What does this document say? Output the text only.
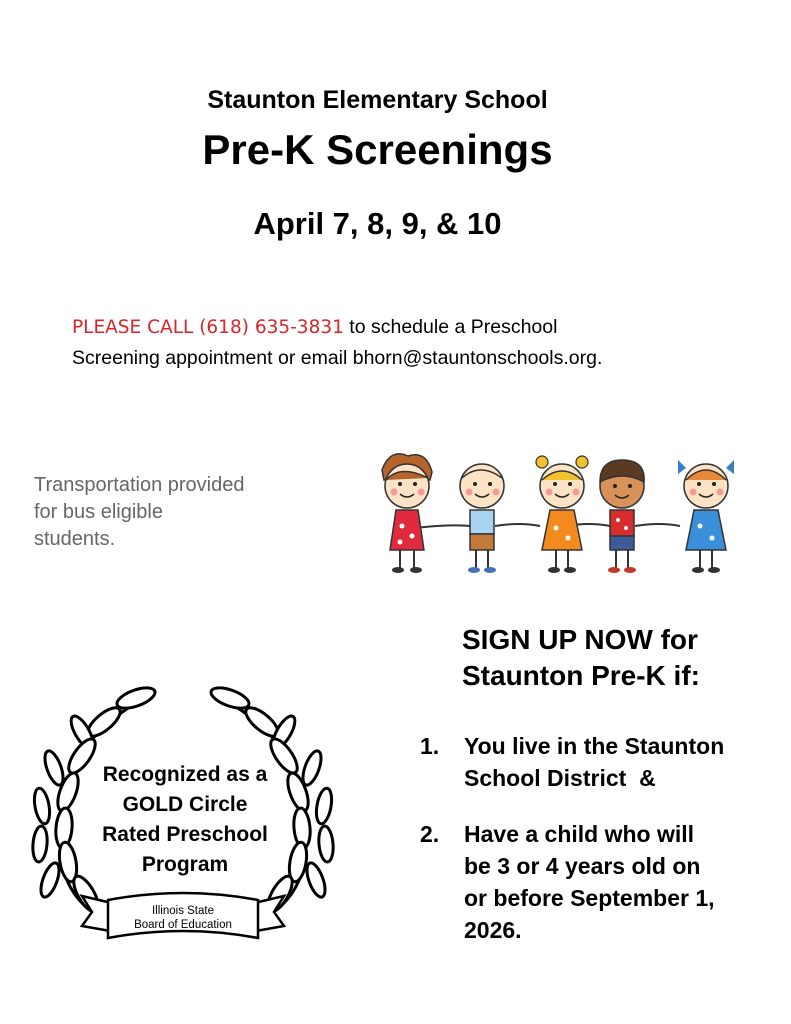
Staunton Elementary School
Pre-K Screenings
April 7, 8, 9, & 10
PLEASE CALL (618) 635-3831 to schedule a Preschool
Screening appointment or email bhorn@stauntonschools.org.
Transportation provided
for bus eligible
students.
SIGN UP NOW for
Staunton Pre-K if:
1. You live in the Staunton
School District  &
2. Have a child who will
be 3 or 4 years old on
or before September 1,
2026.
Recognized as a
GOLD Circle
Rated Preschool
Program
Illinois State
Board of Education
